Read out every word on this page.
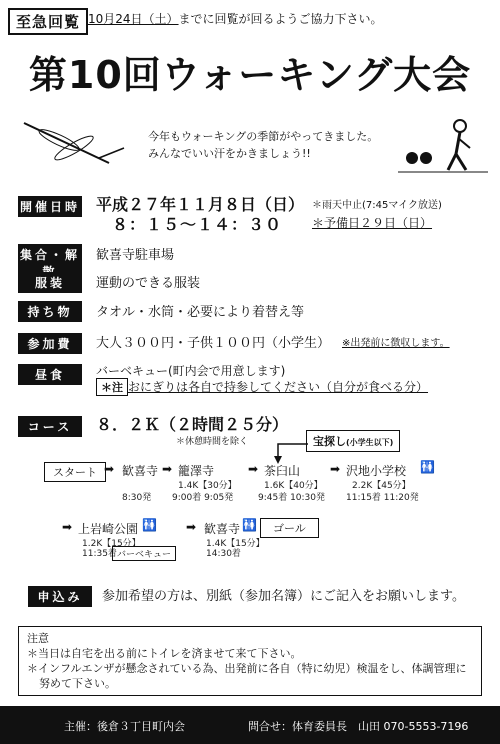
至急回覧 10月24日（土）までに回覧が回るようご協力下さい。
第10回ウォーキング大会
今年もウォーキングの季節がやってきました。
みんなでいい汗をかきましょう!!
開催日時 平成２７年１１月８日（日） ＊雨天中止(7:45マイク放送)
８：１５～１４：３０ ＊予備日２９日（日）
集合・解 歓喜寺駐車場
服装	運動のできる服装
持ち物	タオル・水筒・必要により着替え等
参加費	大人３００円・子供１００円（小学生） ※出発前に徴収します。
昼食	バーベキュー(町内会で用意します)
＊注 おにぎりは各自で持参してください（自分が食べる分）
コース	８．２Ｋ（２時間２５分）
＊休憩時間を除く	宝探し(小学生以下)
スタート ➡ 歓喜寺
8:30発
➡ 籠澤寺
1.4K【30分】
9:00着 9:05発
➡ 茶臼山
1.6K【40分】
9:45着 10:30発
➡ 沢地小学校
2.2K【45分】
11:15着 11:20発
🚻
➡ 上岩崎公園 🚻
1.2K【15分】
11:35着 バーベキュー
➡ 歓喜寺 🚻
1.4K【15分】
14:30着
ゴール
申込み	参加希望の方は、別紙（参加名簿）にご記入をお願いします。
注意
＊当日は自宅を出る前にトイレを済ませて来て下さい。
＊インフルエンザが懸念されている為、出発前に各自（特に幼児）検温をし、体調管理に
努めて下さい。
主催：後倉３丁目町内会	問合せ：体育委員長　山田 070-5553-7196
